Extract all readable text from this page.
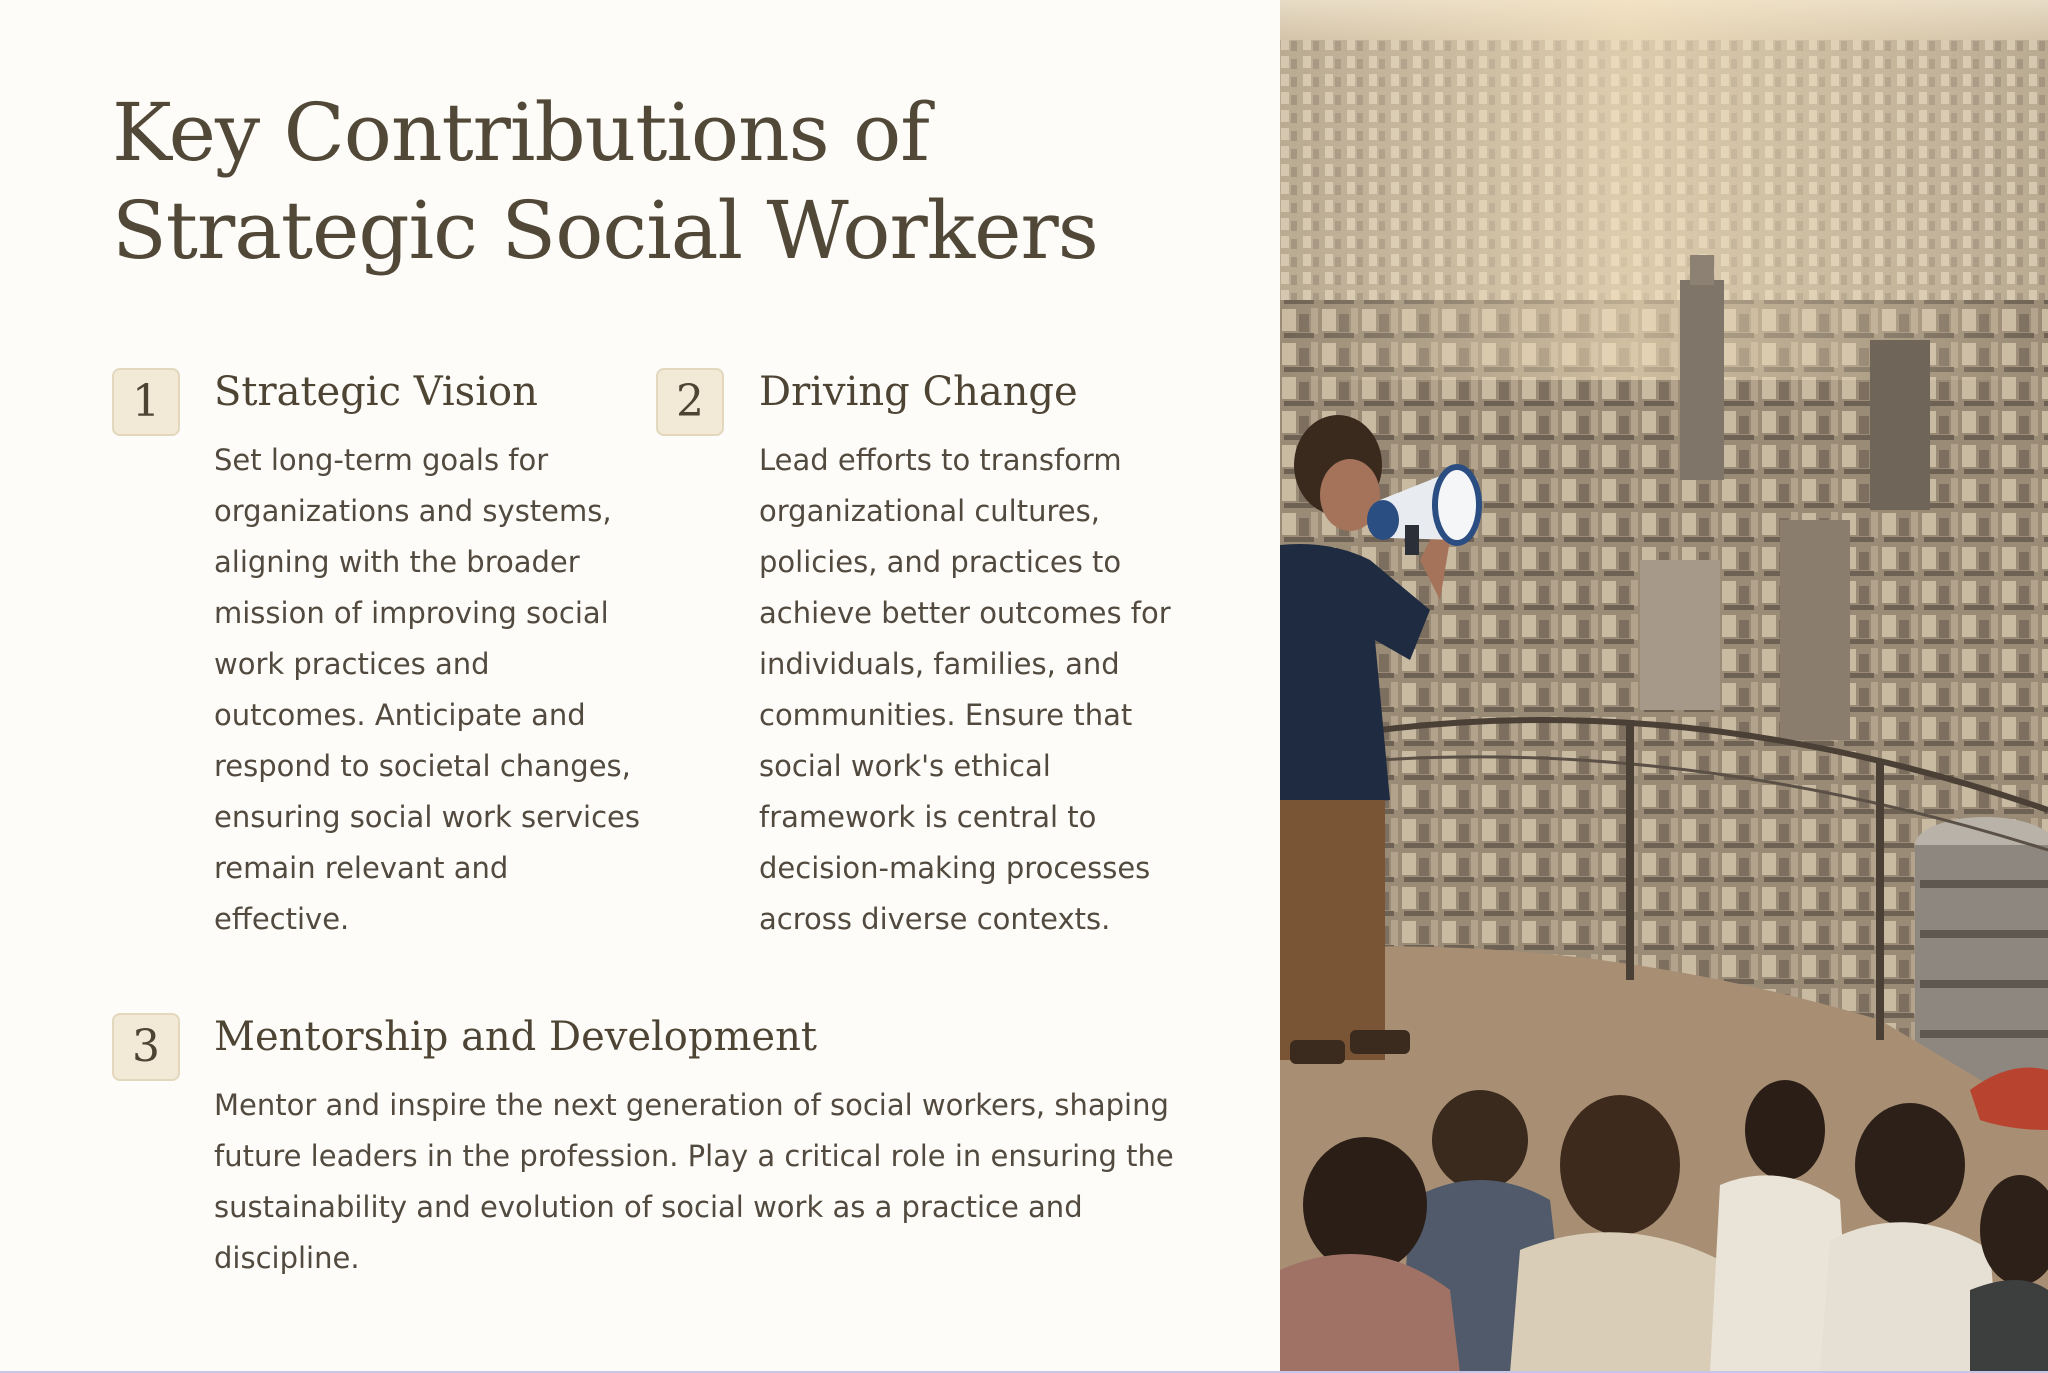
Key Contributions of
Strategic Social Workers
1	Strategic Vision

Set long-term goals for organizations and systems, aligning with the broader mission of improving social work practices and outcomes. Anticipate and respond to societal changes, ensuring social work services remain relevant and effective.

2	Driving Change

Lead efforts to transform organizational cultures, policies, and practices to achieve better outcomes for individuals, families, and communities. Ensure that social work's ethical framework is central to decision-making processes across diverse contexts.

3	Mentorship and Development

Mentor and inspire the next generation of social workers, shaping future leaders in the profession. Play a critical role in ensuring the sustainability and evolution of social work as a practice and discipline.
